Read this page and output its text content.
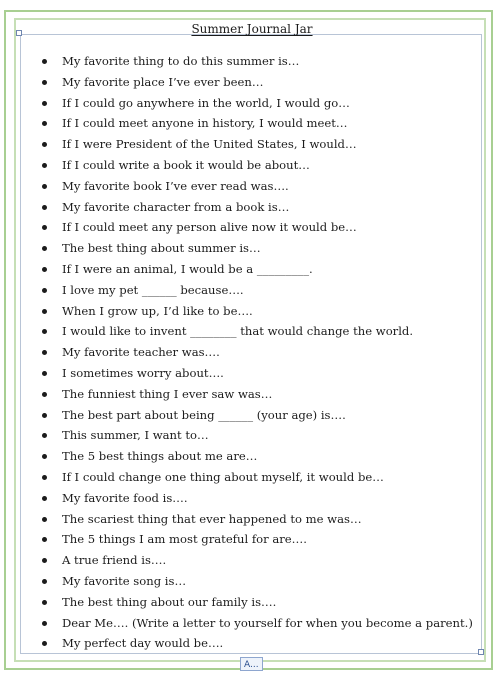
Summer Journal Jar
My favorite thing to do this summer is…
My favorite place I’ve ever been…
If I could go anywhere in the world, I would go…
If I could meet anyone in history, I would meet…
If I were President of the United States, I would…
If I could write a book it would be about…
My favorite book I’ve ever read was….
My favorite character from a book is…
If I could meet any person alive now it would be…
The best thing about summer is…
If I were an animal, I would be a _________.
I love my pet ______ because….
When I grow up, I’d like to be….
I would like to invent ________ that would change the world.
My favorite teacher was….
I sometimes worry about….
The funniest thing I ever saw was…
The best part about being ______ (your age) is….
This summer, I want to…
The 5 best things about me are…
If I could change one thing about myself, it would be…
My favorite food is….
The scariest thing that ever happened to me was…
The 5 things I am most grateful for are….
A true friend is….
My favorite song is…
The best thing about our family is….
Dear Me…. (Write a letter to yourself for when you become a parent.)
My perfect day would be….
A...
